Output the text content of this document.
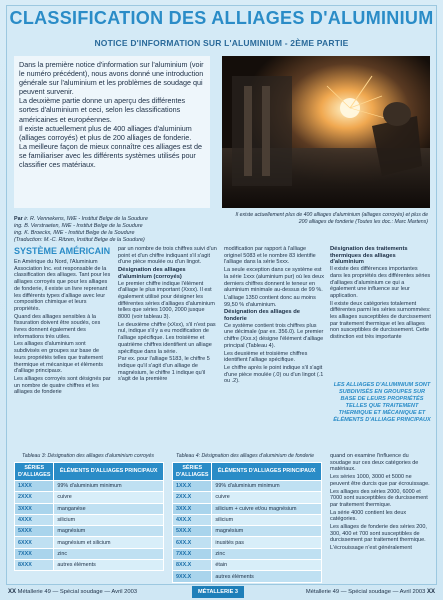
CLASSIFICATION DES ALLIAGES D'ALUMINIUM
NOTICE D'INFORMATION SUR L'ALUMINIUM - 2ÈME PARTIE

Dans la première notice d'information sur l'aluminium (voir le numéro précédent), nous avons donné une introduction générale sur l'aluminium et les problèmes de soudage qui peuvent survenir.

La deuxième partie donne un aperçu des différentes sortes d'aluminium et ceci, selon les classifications américaines et européennes.

Il existe actuellement plus de 400 alliages d'aluminium (alliages corroyés) et plus de 200 alliages de fonderie.

La meilleure façon de mieux connaître ces alliages est de se familiariser avec les différents systèmes utilisés pour classifier ces matériaux.

Par ir. R. Vennekens, IWE - Institut Belge de la Soudure
ing. B. Verstraeten, IWE - Institut Belge de la Soudure
ing. K. Broeckx, IWE - Institut Belge de la Soudure
(Traduction: M.-C. Ritzen, Institut Belge de la Soudure)
Il existe actuellement plus de 400 alliages d'aluminium (alliages corroyés) et plus de 200 alliages de fonderie (Toutes les doc.: Marc Martens)
SYSTÈME AMÉRICAIN

En Amérique du Nord, l'Aluminium Association Inc. est responsable de la classification des alliages. Tant pour les alliages corroyés que pour les alliages de fonderie, il existe un livre reprenant les différents types d'alliage avec leur composition chimique et leurs propriétés.

Quand des alliages sensibles à la fissuration doivent être soudés, ces livres donnent également des informations très utiles.

Les alliages d'aluminium sont subdivisés en groupes sur base de leurs propriétés telles que traitement thermique et mécanique et éléments d'alliage principaux.

Les alliages corroyés sont désignés par un nombre de quatre chiffres et les alliages de fonderie

par un nombre de trois chiffres suivi d'un point et d'un chiffre indiquant s'il s'agit d'une pièce moulée ou d'un lingot.

Désignation des alliages d'aluminium (corroyés)

Le premier chiffre indique l'élément d'alliage le plus important (Xxxx). Il est également utilisé pour désigner les différentes séries d'alliages d'aluminium telles que séries 1000, 2000 jusque 8000 (voir tableau 3).

Le deuxième chiffre (xXxx), s'il n'est pas nul, indique s'il y a eu modification de l'alliage spécifique. Les troisième et quatrième chiffres identifient un alliage spécifique dans la série.

Par ex. pour l'alliage 5183, le chiffre 5 indique qu'il s'agit d'un alliage de magnésium, le chiffre 1 indique qu'il s'agit de la première

modification par rapport à l'alliage originel 5083 et le nombre 83 identifie l'alliage dans la série 5xxx.

La seule exception dans ce système est la série 1xxx (aluminium pur) où les deux derniers chiffres donnent le teneur en aluminium minimale au-dessus de 99 %.

L'alliage 1350 contient donc au moins 99,50 % d'aluminium.

Désignation des alliages de fonderie

Ce système contient trois chiffres plus une décimale (par ex. 356.0). Le premier chiffre (Xxx.x) désigne l'élément d'alliage principal (Tableau 4).

Les deuxième et troisième chiffres identifient l'alliage spécifique.

Le chiffre après le point indique s'il s'agit d'une pièce moulée (.0) ou d'un lingot (.1 ou .2).

Désignation des traitements thermiques des alliages d'aluminium

Il existe des différences importantes dans les propriétés des différentes séries d'alliages d'aluminium ce qui a également une influence sur leur application.

Il existe deux catégories totalement différentes parmi les séries surnommées: les alliages susceptibles de durcissement par traitement thermique et les alliages non susceptibles de durcissement. Cette distinction est très importante

LES ALLIAGES D'ALUMINIUM SONT SUBDIVISÉS EN GROUPES SUR BASE DE LEURS PROPRIÉTÉS TELLES QUE TRAITEMENT THERMIQUE ET MÉCANIQUE ET ÉLÉMENTS D'ALLIAGE PRINCIPAUX
Tableau 3: Désignation des alliages d'aluminium corroyés
SÉRIES D'ALLIAGES	ÉLÉMENTS D'ALLIAGES PRINCIPAUX
1XXX	99% d'aluminium minimum
2XXX	cuivre
3XXX	manganèse
4XXX	silicium
5XXX	magnésium
6XXX	magnésium et silicium
7XXX	zinc
8XXX	autres éléments
Tableau 4: Désignation des alliages d'aluminium de fonderie
SÉRIES D'ALLIAGES	ÉLÉMENTS D'ALLIAGES PRINCIPAUX
1XX.X	99% d'aluminium minimum
2XX.X	cuivre
3XX.X	silicium + cuivre et/ou magnésium
4XX.X	silicium
5XX.X	magnésium
6XX.X	inusités pas
7XX.X	zinc
8XX.X	étain
9XX.X	autres éléments

quand on examine l'influence du soudage sur ces deux catégories de matériaux.

Les séries 1000, 3000 et 5000 ne peuvent être durcis que par écrouissage.

Les alliages des séries 2000, 6000 et 7000 sont susceptibles de durcissement par traitement thermique.

La série 4000 contient les deux catégories.

Les alliages de fonderie des séries 200, 300, 400 et 700 sont susceptibles de durcissement par traitement thermique.

L'écrouissage n'est généralement

XX Métallerie 49 — Spécial soudage — Avril 2003	MÉTALLERIE 3	Métallerie 49 — Spécial soudage — Avril 2003 XX
